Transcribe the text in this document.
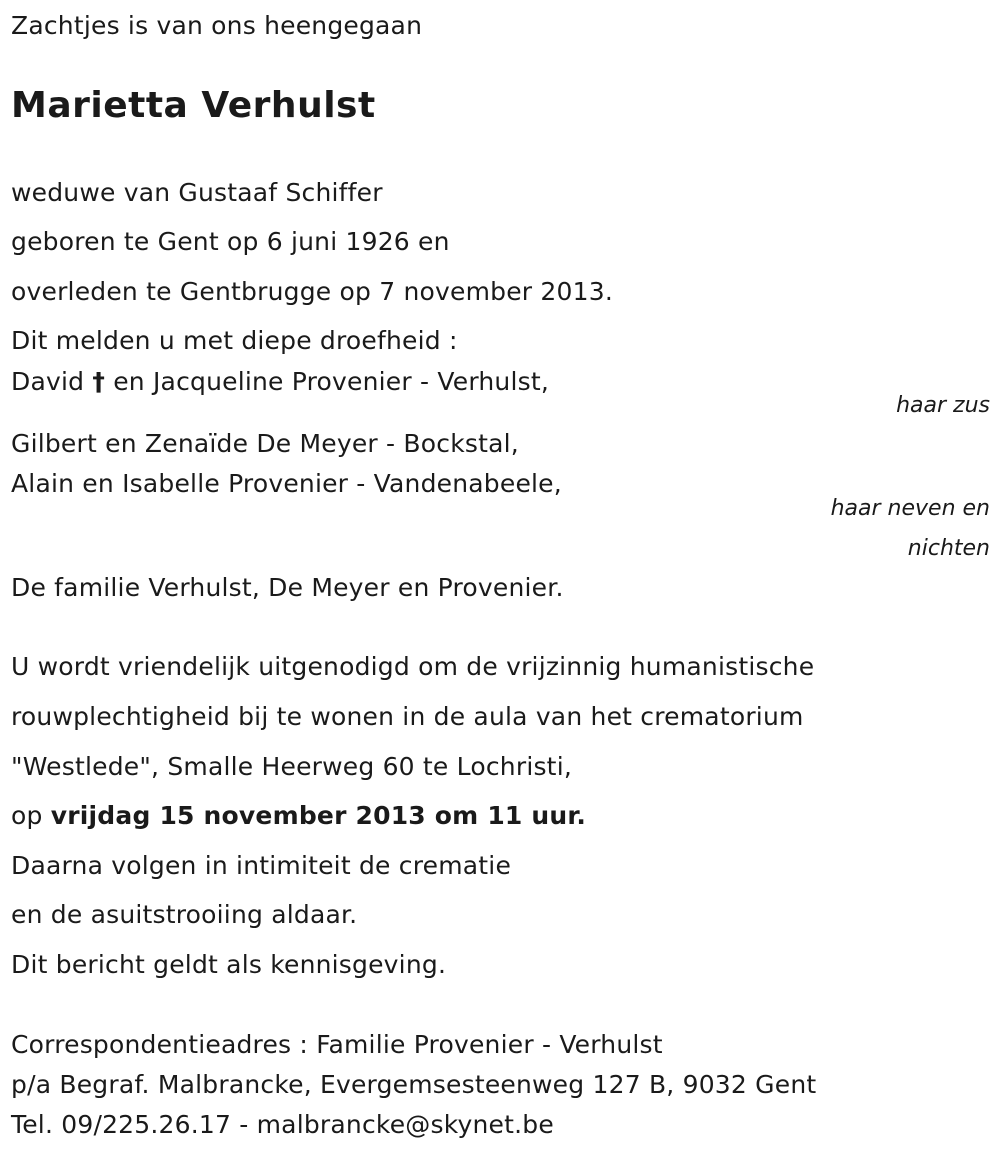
Zachtjes is van ons heengegaan
Marietta Verhulst
weduwe van Gustaaf Schiffer
geboren te Gent op 6 juni 1926 en
overleden te Gentbrugge op 7 november 2013.
Dit melden u met diepe droefheid :
David † en Jacqueline Provenier - Verhulst,
haar zus
Gilbert en Zenaïde De Meyer - Bockstal,
Alain en Isabelle Provenier - Vandenabeele,
haar neven en
nichten
De familie Verhulst, De Meyer en Provenier.
U wordt vriendelijk uitgenodigd om de vrijzinnig humanistische
rouwplechtigheid bij te wonen in de aula van het crematorium
"Westlede", Smalle Heerweg 60 te Lochristi,
op vrijdag 15 november 2013 om 11 uur.
Daarna volgen in intimiteit de crematie
en de asuitstrooiing aldaar.
Dit bericht geldt als kennisgeving.
Correspondentieadres : Familie Provenier - Verhulst
p/a Begraf. Malbrancke, Evergemsesteenweg 127 B, 9032 Gent
Tel. 09/225.26.17 - malbrancke@skynet.be
